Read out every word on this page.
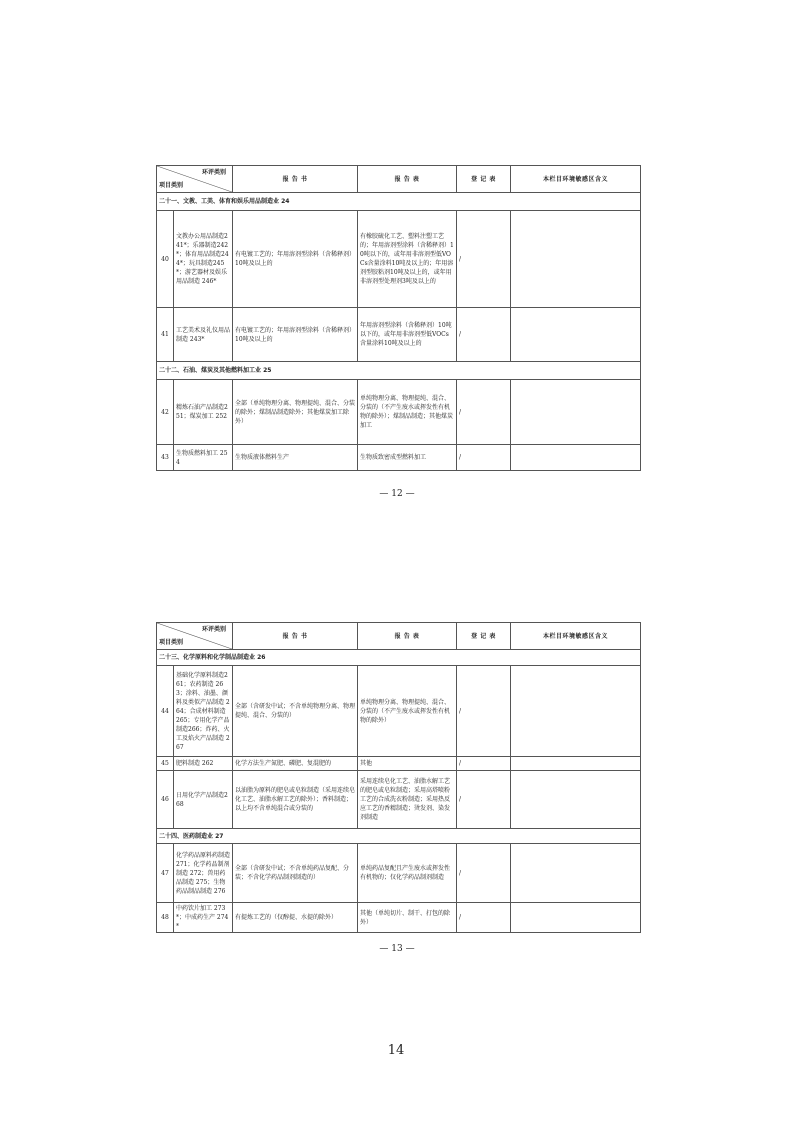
环评类别
项目类别		报 告 书	报 告 表	登 记 表	本栏目环境敏感区含义
二十一、文教、工美、体育和娱乐用品制造业 24					
40	文教办公用品制造241*；乐器制造242*；体育用品制造244*；玩具制造245*；游艺器材及娱乐用品制造 246*	有电镀工艺的；年用溶剂型涂料（含稀释剂）10吨及以上的	有橡胶硫化工艺、塑料注塑工艺的；年用溶剂型涂料（含稀释剂）10吨以下的，或年用非溶剂型低VOCs含量涂料10吨及以上的；年用溶剂型胶粘剂10吨及以上的，或年用非溶剂型处理剂3吨及以上的	/	
41	工艺美术及礼仪用品制造 243*	有电镀工艺的；年用溶剂型涂料（含稀释剂）10吨及以上的	年用溶剂型涂料（含稀释剂）10吨以下的，或年用非溶剂型低VOCs含量涂料10吨及以上的	/	
二十二、石油、煤炭及其他燃料加工业 25					
42	精炼石油产品制造251；煤炭加工 252	全部（单纯物理分离、物理提纯、混合、分装的除外；煤制品制造除外；其他煤炭加工除外）	单纯物理分离、物理提纯、混合、分装的（不产生废水或挥发性有机物的除外）；煤制品制造；其他煤炭加工	/	
43	生物质燃料加工 254	生物质液体燃料生产	生物质致密成型燃料加工	/	
— 12 —
环评类别
项目类别		报 告 书	报 告 表	登 记 表	本栏目环境敏感区含义
二十三、化学原料和化学制品制造业 26					
44	基础化学原料制造261；农药制造 263；涂料、油墨、颜料及类似产品制造 264；合成材料制造 265；专用化学产品制造266；炸药、火工及焰火产品制造 267	全部（含研发中试；不含单纯物理分离、物理提纯、混合、分装的）	单纯物理分离、物理提纯、混合、分装的（不产生废水或挥发性有机物的除外）	/	
45	肥料制造 262	化学方法生产氮肥、磷肥、复混肥的	其他	/	
46	日用化学产品制造268	以油脂为原料的肥皂或皂粒制造（采用连续皂化工艺、油脂水解工艺的除外）；香料制造；以上均不含单纯混合或分装的	采用连续皂化工艺、油脂水解工艺的肥皂或皂粒制造；采用高塔喷粉工艺的合成洗衣粉制造；采用热反应工艺的香精制造；烫发剂、染发剂制造	/	
二十四、医药制造业 27					
47	化学药品原料药制造271；化学药品制剂制造 272；兽用药品制造 275；生物药品制品制造 276	全部（含研发中试；不含单纯药品复配、分装；不含化学药品制剂制造的）	单纯药品复配且产生废水或挥发性有机物的；仅化学药品制剂制造	/	
48	中药饮片加工 273*；中成药生产 274*	有提炼工艺的（仅醇提、水提的除外）	其他（单纯切片、制干、打包的除外）	/	
— 13 —
14
